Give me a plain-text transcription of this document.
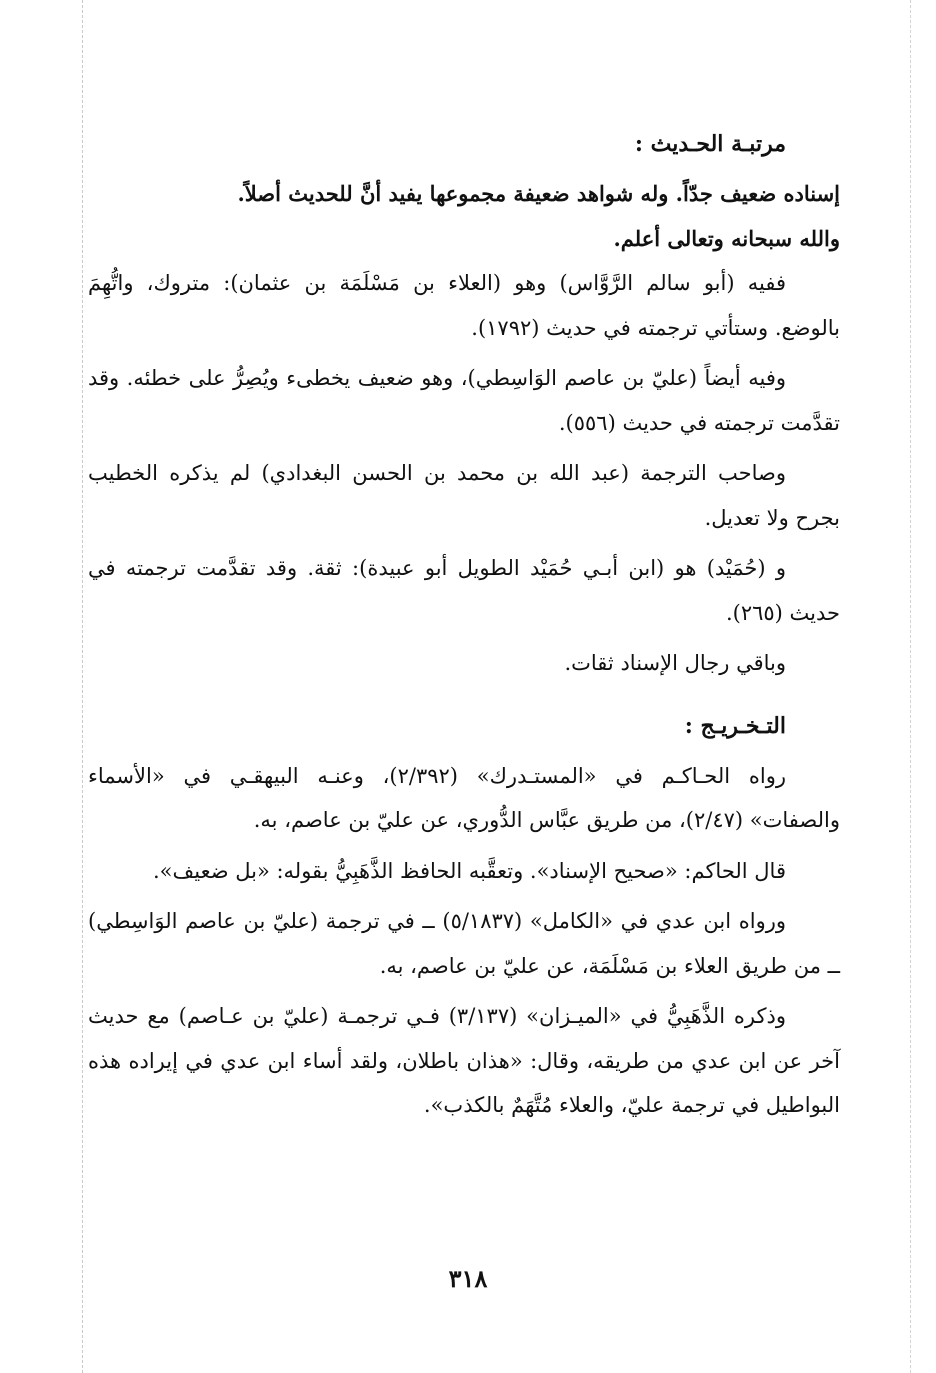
مرتبـة الحـديث :

إسناده ضعيف جدّاً. وله شواهد ضعيفة مجموعها يفيد أنَّ للحديث أصلاً.

والله سبحانه وتعالى أعلم.

ففيه (أبو سالم الرَّوَّاس) وهو (العلاء بن مَسْلَمَة بن عثمان): متروك، واتُّهِمَ بالوضع. وستأتي ترجمته في حديث (١٧٩٢).

وفيه أيضاً (عليّ بن عاصم الوَاسِطي)، وهو ضعيف يخطىء ويُصِرُّ على خطئه. وقد تقدَّمت ترجمته في حديث (٥٥٦).

وصاحب الترجمة (عبد الله بن محمد بن الحسن البغدادي) لم يذكره الخطيب بجرح ولا تعديل.

و (حُمَيْد) هو (ابن أبـي حُمَيْد الطويل أبو عبيدة): ثقة. وقد تقدَّمت ترجمته في حديث (٢٦٥).

وباقي رجال الإسناد ثقات.

التـخـريـج :

رواه الحـاكـم في «المستـدرك» (٢/٣٩٢)، وعنـه البيهقـي في «الأسماء والصفات» (٢/٤٧)، من طريق عبَّاس الدُّوري، عن عليّ بن عاصم، به.

قال الحاكم: «صحيح الإسناد». وتعقَّبه الحافظ الذَّهَبِيُّ بقوله: «بل ضعيف».

ورواه ابن عدي في «الكامل» (٥/١٨٣٧) ــ في ترجمة (عليّ بن عاصم الوَاسِطي) ــ من طريق العلاء بن مَسْلَمَة، عن عليّ بن عاصم، به.

وذكره الذَّهَبِيُّ في «الميـزان» (٣/١٣٧) فـي ترجمـة (عليّ بن عـاصم) مع حديث آخر عن ابن عدي من طريقه، وقال: «هذان باطلان، ولقد أساء ابن عدي في إيراده هذه البواطيل في ترجمة عليّ، والعلاء مُتَّهَمٌ بالكذب».

٣١٨
